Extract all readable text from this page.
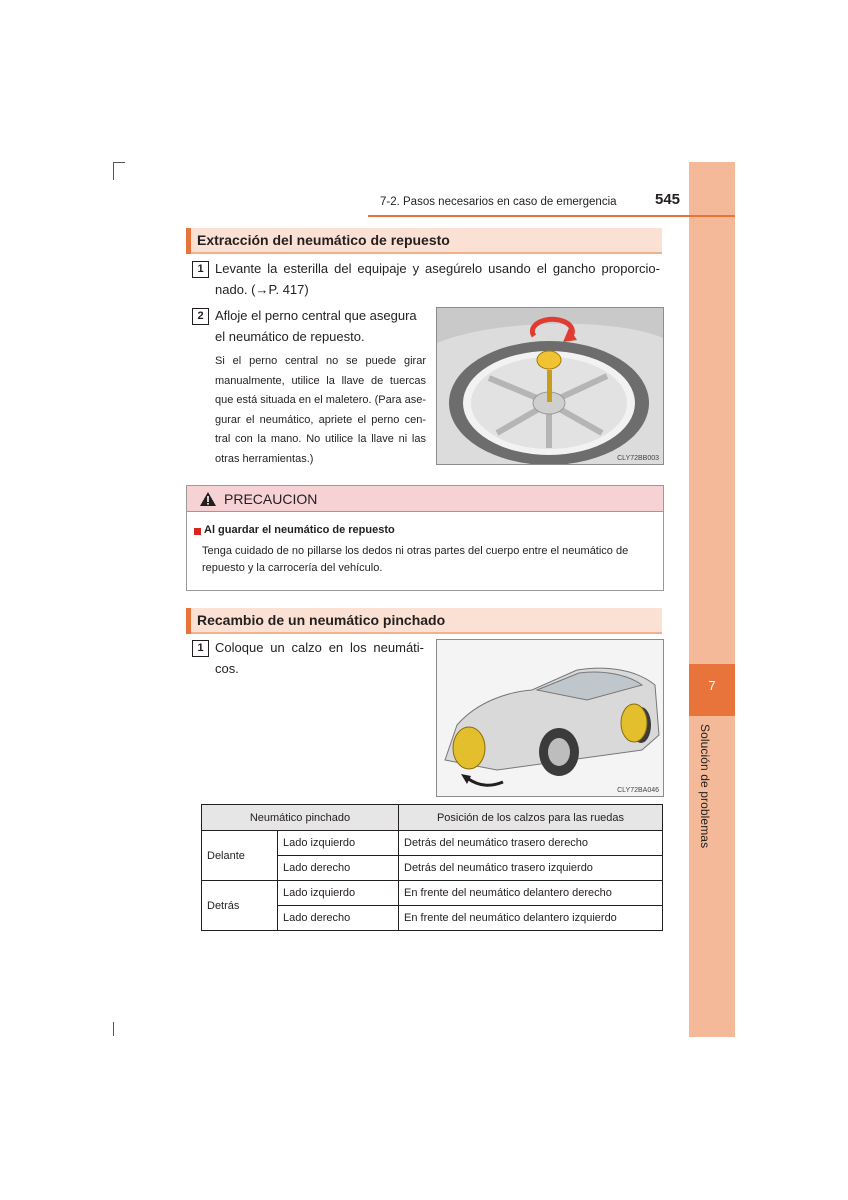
7
Solución de problemas
7-2. Pasos necesarios en caso de emergencia	545
Extracción del neumático de repuesto
1 Levante la esterilla del equipaje y asegúrelo usando el gancho proporcio-nado. (→P. 417)
2 Afloje el perno central que asegura el neumático de repuesto.
Si el perno central no se puede girar manualmente, utilice la llave de tuercas que está situada en el maletero. (Para ase-gurar el neumático, apriete el perno cen-tral con la mano. No utilice la llave ni las otras herramientas.)	CLY72BB003
PRECAUCION
Al guardar el neumático de repuesto
Tenga cuidado de no pillarse los dedos ni otras partes del cuerpo entre el neumático de repuesto y la carrocería del vehículo.
Recambio de un neumático pinchado
1 Coloque un calzo en los neumáti-cos.
CLY72BA046
Neumático pinchado		Posición de los calzos para las ruedas
Delante	Lado izquierdo	Detrás del neumático trasero derecho
	Lado derecho	Detrás del neumático trasero izquierdo
Detrás	Lado izquierdo	En frente del neumático delantero derecho
	Lado derecho	En frente del neumático delantero izquierdo
